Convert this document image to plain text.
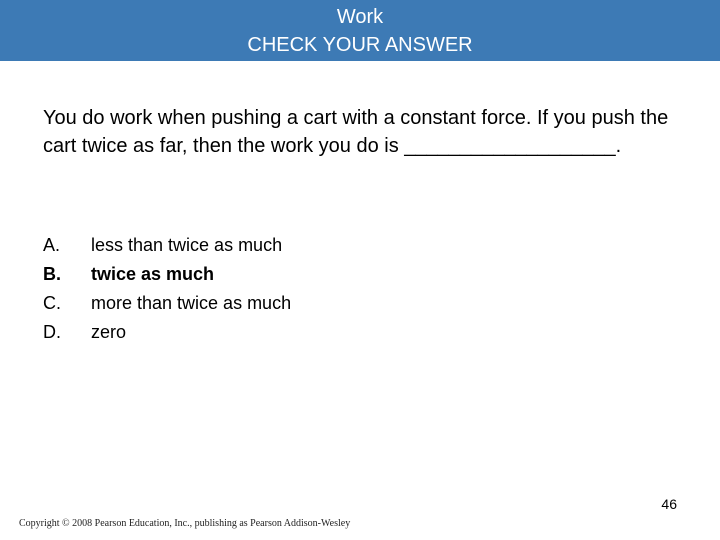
Work
CHECK YOUR ANSWER
You do work when pushing a cart with a constant force. If you push the cart twice as far, then the work you do is ___________________.
A. less than twice as much
B. twice as much
C. more than twice as much
D. zero
46
Copyright © 2008 Pearson Education, Inc., publishing as Pearson Addison-Wesley
